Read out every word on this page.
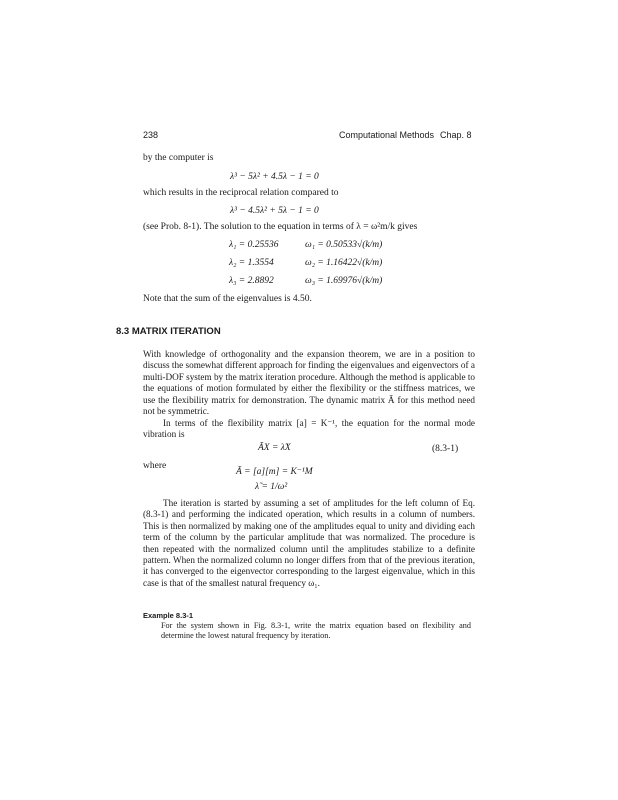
238	Computational Methods Chap. 8
by the computer is
λ³ − 5λ² + 4.5λ − 1 = 0
which results in the reciprocal relation compared to
λ³ − 4.5λ² + 5λ − 1 = 0
(see Prob. 8-1). The solution to the equation in terms of λ = ω²m/k gives
λ₁ = 0.25536	ω₁ = 0.50533√(k/m)
λ₂ = 1.3554	ω₂ = 1.16422√(k/m)
λ₃ = 2.8892	ω₃ = 1.69976√(k/m)
Note that the sum of the eigenvalues is 4.50.
8.3 MATRIX ITERATION
With knowledge of orthogonality and the expansion theorem, we are in a position to discuss the somewhat different approach for finding the eigenvalues and eigenvectors of a multi-DOF system by the matrix iteration procedure. Although the method is applicable to the equations of motion formulated by either the flexibility or the stiffness matrices, we use the flexibility matrix for demonstration. The dynamic matrix Ã for this method need not be symmetric.
In terms of the flexibility matrix [a] = K⁻¹, the equation for the normal mode vibration is
ÃX = λ̃X	(8.3-1)
where
Ã = [a][m] = K⁻¹M
λ̃ = 1/ω²
The iteration is started by assuming a set of amplitudes for the left column of Eq. (8.3-1) and performing the indicated operation, which results in a column of numbers. This is then normalized by making one of the amplitudes equal to unity and dividing each term of the column by the particular amplitude that was normalized. The procedure is then repeated with the normalized column until the amplitudes stabilize to a definite pattern. When the normalized column no longer differs from that of the previous iteration, it has converged to the eigenvector corresponding to the largest eigenvalue, which in this case is that of the smallest natural frequency ω₁.
Example 8.3-1
For the system shown in Fig. 8.3-1, write the matrix equation based on flexibility and determine the lowest natural frequency by iteration.
